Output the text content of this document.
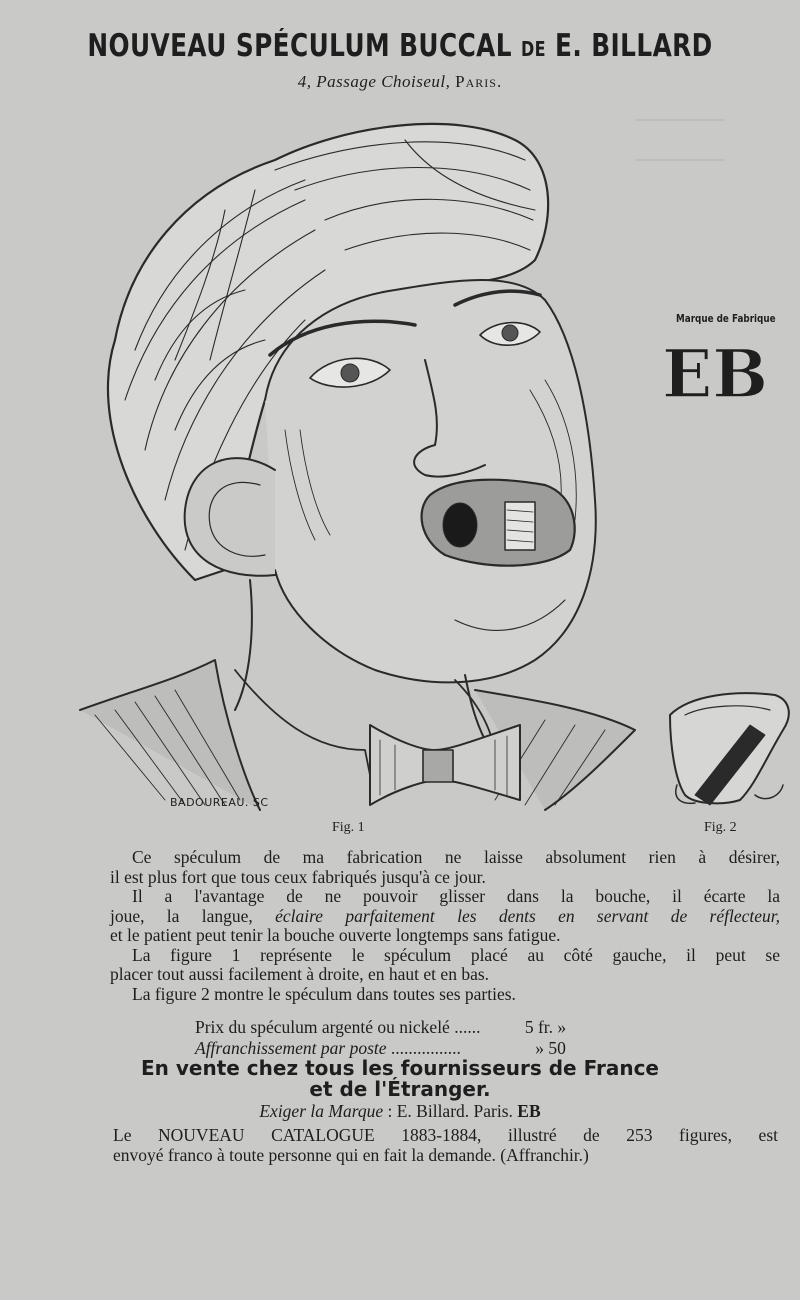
NOUVEAU SPÉCULUM BUCCAL DE E. BILLARD
4, Passage Choiseul, Paris.
Marque de Fabrique
EB
BADOUREAU. SC
Fig. 1	Fig. 2

Ce spéculum de ma fabrication ne laisse absolument rien à désirer,

il est plus fort que tous ceux fabriqués jusqu'à ce jour.

Il a l'avantage de ne pouvoir glisser dans la bouche, il écarte la

joue, la langue, éclaire parfaitement les dents en servant de réflecteur,

et le patient peut tenir la bouche ouverte longtemps sans fatigue.

La figure 1 représente le spéculum placé au côté gauche, il peut se

placer tout aussi facilement à droite, en haut et en bas.

La figure 2 montre le spéculum dans toutes ses parties.

Prix du spéculum argenté ou nickelé ......	5 fr. »
Affranchissement par poste ................	» 50
En vente chez tous les fournisseurs de France
et de l'Étranger.
Exiger la Marque : E. Billard. Paris. EB

Le NOUVEAU CATALOGUE 1883-1884, illustré de 253 figures, est

envoyé franco à toute personne qui en fait la demande. (Affranchir.)
